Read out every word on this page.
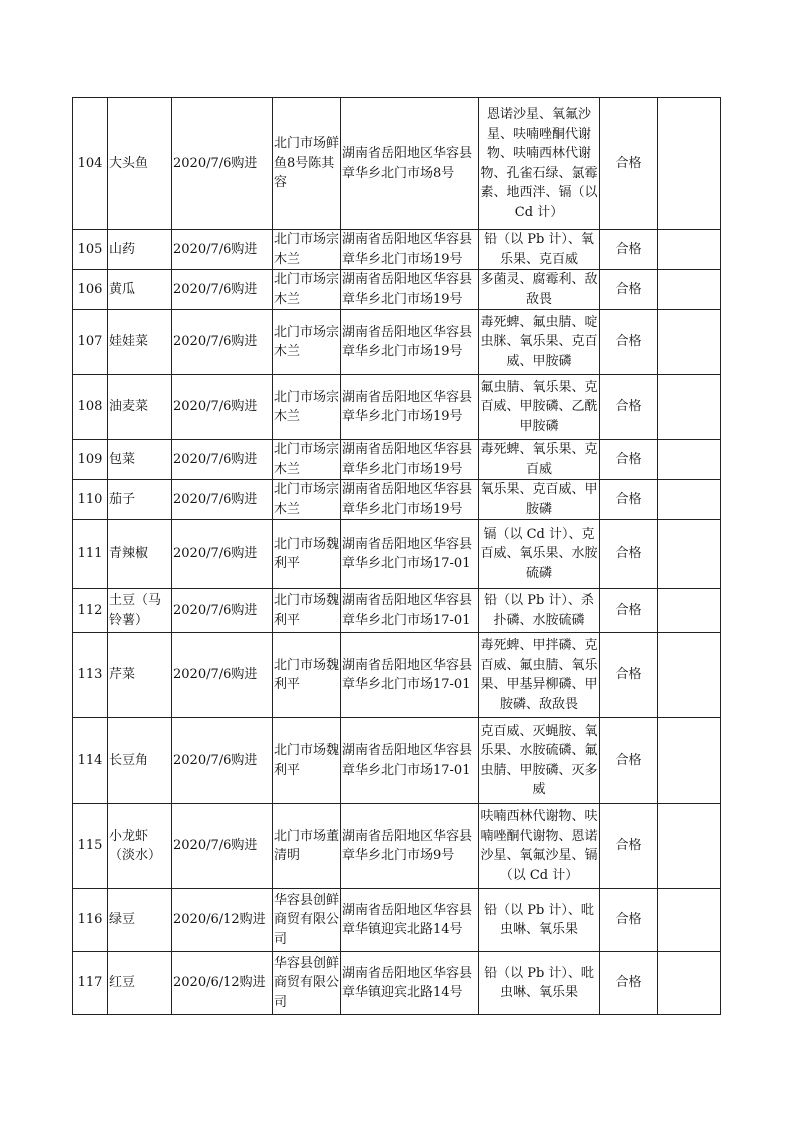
104	大头鱼	2020/7/6购进	北门市场鲜鱼8号陈其容	湖南省岳阳地区华容县章华乡北门市场8号	恩诺沙星、氧氟沙星、呋喃唑酮代谢物、呋喃西林代谢物、孔雀石绿、氯霉素、地西泮、镉（以 Cd 计）	合格	
105	山药	2020/7/6购进	北门市场宗木兰	湖南省岳阳地区华容县章华乡北门市场19号	铅（以 Pb 计）、氧乐果、克百威	合格	
106	黄瓜	2020/7/6购进	北门市场宗木兰	湖南省岳阳地区华容县章华乡北门市场19号	多菌灵、腐霉利、敌敌畏	合格	
107	娃娃菜	2020/7/6购进	北门市场宗木兰	湖南省岳阳地区华容县章华乡北门市场19号	毒死蜱、氟虫腈、啶虫脒、氧乐果、克百威、甲胺磷	合格	
108	油麦菜	2020/7/6购进	北门市场宗木兰	湖南省岳阳地区华容县章华乡北门市场19号	氟虫腈、氧乐果、克百威、甲胺磷、乙酰甲胺磷	合格	
109	包菜	2020/7/6购进	北门市场宗木兰	湖南省岳阳地区华容县章华乡北门市场19号	毒死蜱、氧乐果、克百威	合格	
110	茄子	2020/7/6购进	北门市场宗木兰	湖南省岳阳地区华容县章华乡北门市场19号	氧乐果、克百威、甲胺磷	合格	
111	青辣椒	2020/7/6购进	北门市场魏利平	湖南省岳阳地区华容县章华乡北门市场17-01	镉（以 Cd 计）、克百威、氧乐果、水胺硫磷	合格	
112	土豆（马铃薯）	2020/7/6购进	北门市场魏利平	湖南省岳阳地区华容县章华乡北门市场17-01	铅（以 Pb 计）、杀扑磷、水胺硫磷	合格	
113	芹菜	2020/7/6购进	北门市场魏利平	湖南省岳阳地区华容县章华乡北门市场17-01	毒死蜱、甲拌磷、克百威、氟虫腈、氧乐果、甲基异柳磷、甲胺磷、敌敌畏	合格	
114	长豆角	2020/7/6购进	北门市场魏利平	湖南省岳阳地区华容县章华乡北门市场17-01	克百威、灭蝇胺、氧乐果、水胺硫磷、氟虫腈、甲胺磷、灭多威	合格	
115	小龙虾（淡水）	2020/7/6购进	北门市场董清明	湖南省岳阳地区华容县章华乡北门市场9号	呋喃西林代谢物、呋喃唑酮代谢物、恩诺沙星、氧氟沙星、镉（以 Cd 计）	合格	
116	绿豆	2020/6/12购进	华容县创鲜商贸有限公司	湖南省岳阳地区华容县章华镇迎宾北路14号	铅（以 Pb 计）、吡虫啉、氧乐果	合格	
117	红豆	2020/6/12购进	华容县创鲜商贸有限公司	湖南省岳阳地区华容县章华镇迎宾北路14号	铅（以 Pb 计）、吡虫啉、氧乐果	合格	
